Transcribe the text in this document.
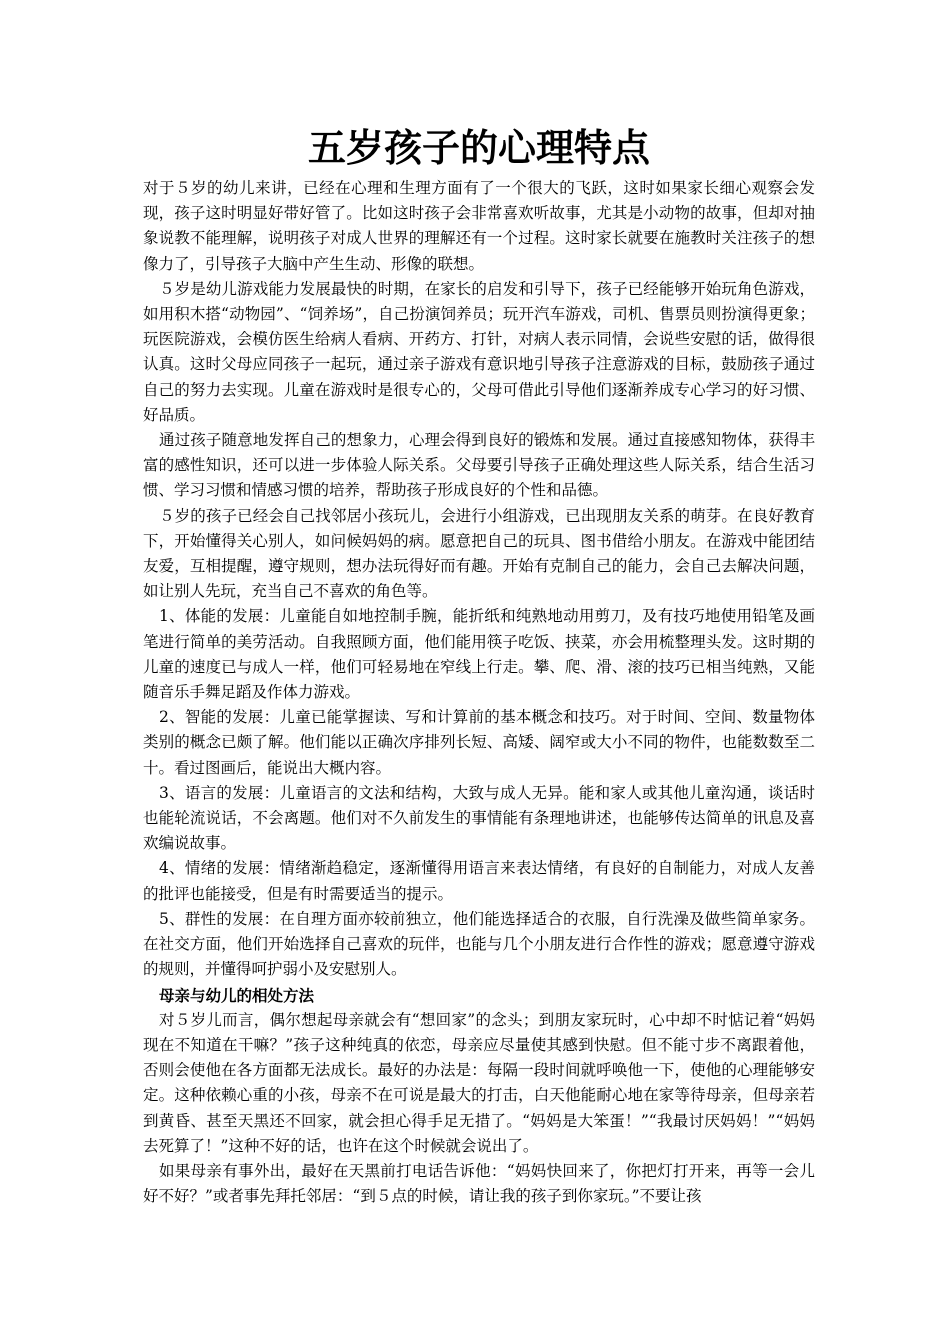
五岁孩子的心理特点

对于５岁的幼儿来讲，已经在心理和生理方面有了一个很大的飞跃，这时如果家长细心观察会发现，孩子这时明显好带好管了。比如这时孩子会非常喜欢听故事，尤其是小动物的故事，但却对抽象说教不能理解，说明孩子对成人世界的理解还有一个过程。这时家长就要在施教时关注孩子的想像力了，引导孩子大脑中产生生动、形像的联想。

５岁是幼儿游戏能力发展最快的时期，在家长的启发和引导下，孩子已经能够开始玩角色游戏，如用积木搭“动物园”、“饲养场”，自己扮演饲养员；玩开汽车游戏，司机、售票员则扮演得更象；玩医院游戏，会模仿医生给病人看病、开药方、打针，对病人表示同情，会说些安慰的话，做得很认真。这时父母应同孩子一起玩，通过亲子游戏有意识地引导孩子注意游戏的目标，鼓励孩子通过自己的努力去实现。儿童在游戏时是很专心的，父母可借此引导他们逐渐养成专心学习的好习惯、好品质。

通过孩子随意地发挥自己的想象力，心理会得到良好的锻炼和发展。通过直接感知物体，获得丰富的感性知识，还可以进一步体验人际关系。父母要引导孩子正确处理这些人际关系，结合生活习惯、学习习惯和情感习惯的培养，帮助孩子形成良好的个性和品德。

５岁的孩子已经会自己找邻居小孩玩儿，会进行小组游戏，已出现朋友关系的萌芽。在良好教育下，开始懂得关心别人，如问候妈妈的病。愿意把自己的玩具、图书借给小朋友。在游戏中能团结友爱，互相提醒，遵守规则，想办法玩得好而有趣。开始有克制自己的能力，会自己去解决问题，如让别人先玩，充当自己不喜欢的角色等。

1、体能的发展：儿童能自如地控制手腕，能折纸和纯熟地动用剪刀，及有技巧地使用铅笔及画笔进行简单的美劳活动。自我照顾方面，他们能用筷子吃饭、挟菜，亦会用梳整理头发。这时期的儿童的速度已与成人一样，他们可轻易地在窄线上行走。攀、爬、滑、滚的技巧已相当纯熟，又能随音乐手舞足蹈及作体力游戏。

2、智能的发展：儿童已能掌握读、写和计算前的基本概念和技巧。对于时间、空间、数量物体类别的概念已颇了解。他们能以正确次序排列长短、高矮、阔窄或大小不同的物件，也能数数至二十。看过图画后，能说出大概内容。

3、语言的发展：儿童语言的文法和结构，大致与成人无异。能和家人或其他儿童沟通，谈话时也能轮流说话，不会离题。他们对不久前发生的事情能有条理地讲述，也能够传达简单的讯息及喜欢编说故事。

4、情绪的发展：情绪渐趋稳定，逐渐懂得用语言来表达情绪，有良好的自制能力，对成人友善的批评也能接受，但是有时需要适当的提示。

5、群性的发展：在自理方面亦较前独立，他们能选择适合的衣服，自行洗澡及做些简单家务。在社交方面，他们开始选择自己喜欢的玩伴，也能与几个小朋友进行合作性的游戏；愿意遵守游戏的规则，并懂得呵护弱小及安慰别人。

母亲与幼儿的相处方法

对５岁儿而言，偶尔想起母亲就会有“想回家”的念头；到朋友家玩时，心中却不时惦记着“妈妈现在不知道在干嘛？”孩子这种纯真的依恋，母亲应尽量使其感到快慰。但不能寸步不离跟着他，否则会使他在各方面都无法成长。最好的办法是：每隔一段时间就呼唤他一下，使他的心理能够安定。这种依赖心重的小孩，母亲不在可说是最大的打击，白天他能耐心地在家等待母亲，但母亲若到黄昏、甚至天黑还不回家，就会担心得手足无措了。“妈妈是大笨蛋！”“我最讨厌妈妈！”“妈妈去死算了！”这种不好的话，也许在这个时候就会说出了。

如果母亲有事外出，最好在天黑前打电话告诉他：“妈妈快回来了，你把灯打开来，再等一会儿好不好？”或者事先拜托邻居：“到５点的时候，请让我的孩子到你家玩。”不要让孩
